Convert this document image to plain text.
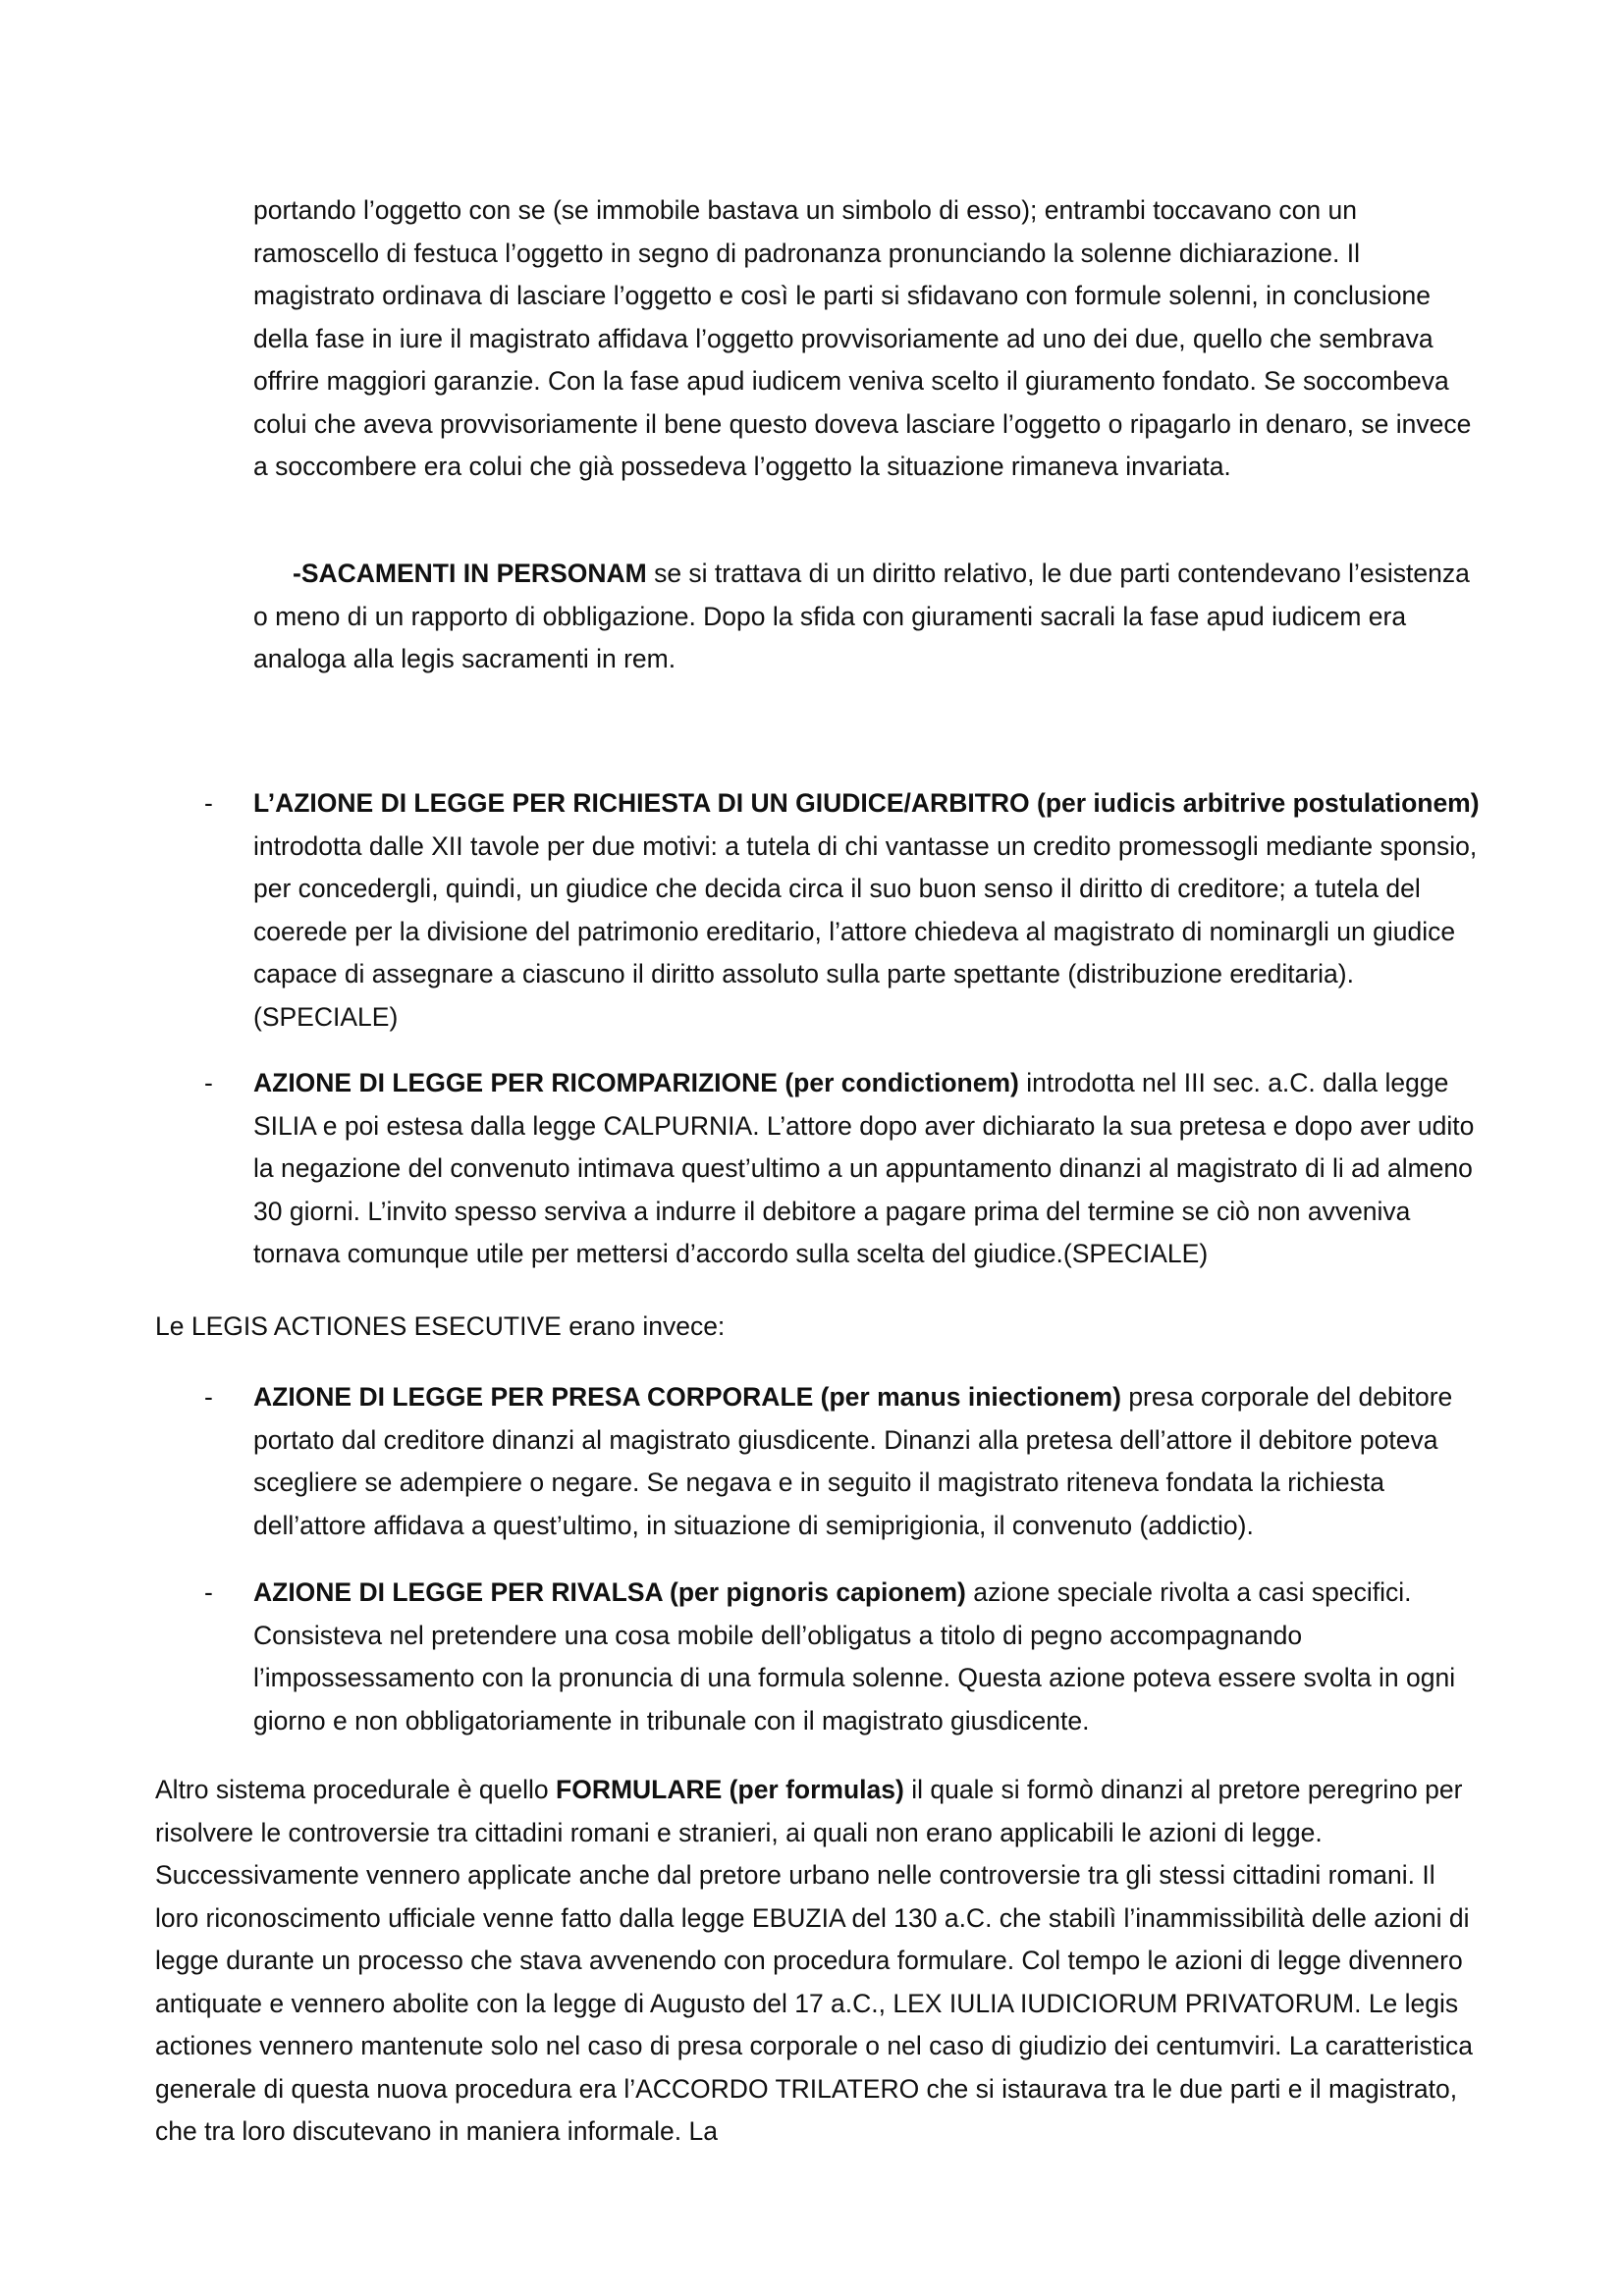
portando l’oggetto con se (se immobile bastava un simbolo di esso); entrambi toccavano con un ramoscello di festuca l’oggetto in segno di padronanza pronunciando la solenne dichiarazione. Il magistrato ordinava di lasciare l’oggetto e così le parti si sfidavano con formule solenni, in conclusione della fase in iure il magistrato affidava l’oggetto provvisoriamente ad uno dei due, quello che sembrava offrire maggiori garanzie. Con la fase apud iudicem veniva scelto il giuramento fondato. Se soccombeva colui che aveva provvisoriamente il bene questo doveva lasciare l’oggetto o ripagarlo in denaro, se invece a soccombere era colui che già possedeva l’oggetto la situazione rimaneva invariata.

-SACAMENTI IN PERSONAM se si trattava di un diritto relativo, le due parti contendevano l’esistenza o meno di un rapporto di obbligazione. Dopo la sfida con giuramenti sacrali la fase apud iudicem era analoga alla legis sacramenti in rem.

- L’AZIONE DI LEGGE PER RICHIESTA DI UN GIUDICE/ARBITRO (per iudicis arbitrive postulationem) introdotta dalle XII tavole per due motivi: a tutela di chi vantasse un credito promessogli mediante sponsio, per concedergli, quindi, un giudice che decida circa il suo buon senso il diritto di creditore; a tutela del coerede per la divisione del patrimonio ereditario, l’attore chiedeva al magistrato di nominargli un giudice capace di assegnare a ciascuno il diritto assoluto sulla parte spettante (distribuzione ereditaria).(SPECIALE)

- AZIONE DI LEGGE PER RICOMPARIZIONE (per condictionem) introdotta nel III sec. a.C. dalla legge SILIA e poi estesa dalla legge CALPURNIA. L’attore dopo aver dichiarato la sua pretesa e dopo aver udito la negazione del convenuto intimava quest’ultimo a un appuntamento dinanzi al magistrato di li ad almeno 30 giorni. L’invito spesso serviva a indurre il debitore a pagare prima del termine se ciò non avveniva tornava comunque utile per mettersi d’accordo sulla scelta del giudice.(SPECIALE)

Le LEGIS ACTIONES ESECUTIVE erano invece:

- AZIONE DI LEGGE PER PRESA CORPORALE (per manus iniectionem) presa corporale del debitore portato dal creditore dinanzi al magistrato giusdicente. Dinanzi alla pretesa dell’attore il debitore poteva scegliere se adempiere o negare. Se negava e in seguito il magistrato riteneva fondata la richiesta dell’attore affidava a quest’ultimo, in situazione di semiprigionia, il convenuto (addictio).

- AZIONE DI LEGGE PER RIVALSA (per pignoris capionem) azione speciale rivolta a casi specifici. Consisteva nel pretendere una cosa mobile dell’obligatus a titolo di pegno accompagnando l’impossessamento con la pronuncia di una formula solenne. Questa azione poteva essere svolta in ogni giorno e non obbligatoriamente in tribunale con il magistrato giusdicente.

Altro sistema procedurale è quello FORMULARE (per formulas) il quale si formò dinanzi al pretore peregrino per risolvere le controversie tra cittadini romani e stranieri, ai quali non erano applicabili le azioni di legge. Successivamente vennero applicate anche dal pretore urbano nelle controversie tra gli stessi cittadini romani. Il loro riconoscimento ufficiale venne fatto dalla legge EBUZIA del 130 a.C. che stabilì l’inammissibilità delle azioni di legge durante un processo che stava avvenendo con procedura formulare. Col tempo le azioni di legge divennero antiquate e vennero abolite con la legge di Augusto del 17 a.C., LEX IULIA IUDICIORUM PRIVATORUM. Le legis actiones vennero mantenute solo nel caso di presa corporale o nel caso di giudizio dei centumviri. La caratteristica generale di questa nuova procedura era l’ACCORDO TRILATERO che si istaurava tra le due parti e il magistrato, che tra loro discutevano in maniera informale. La
